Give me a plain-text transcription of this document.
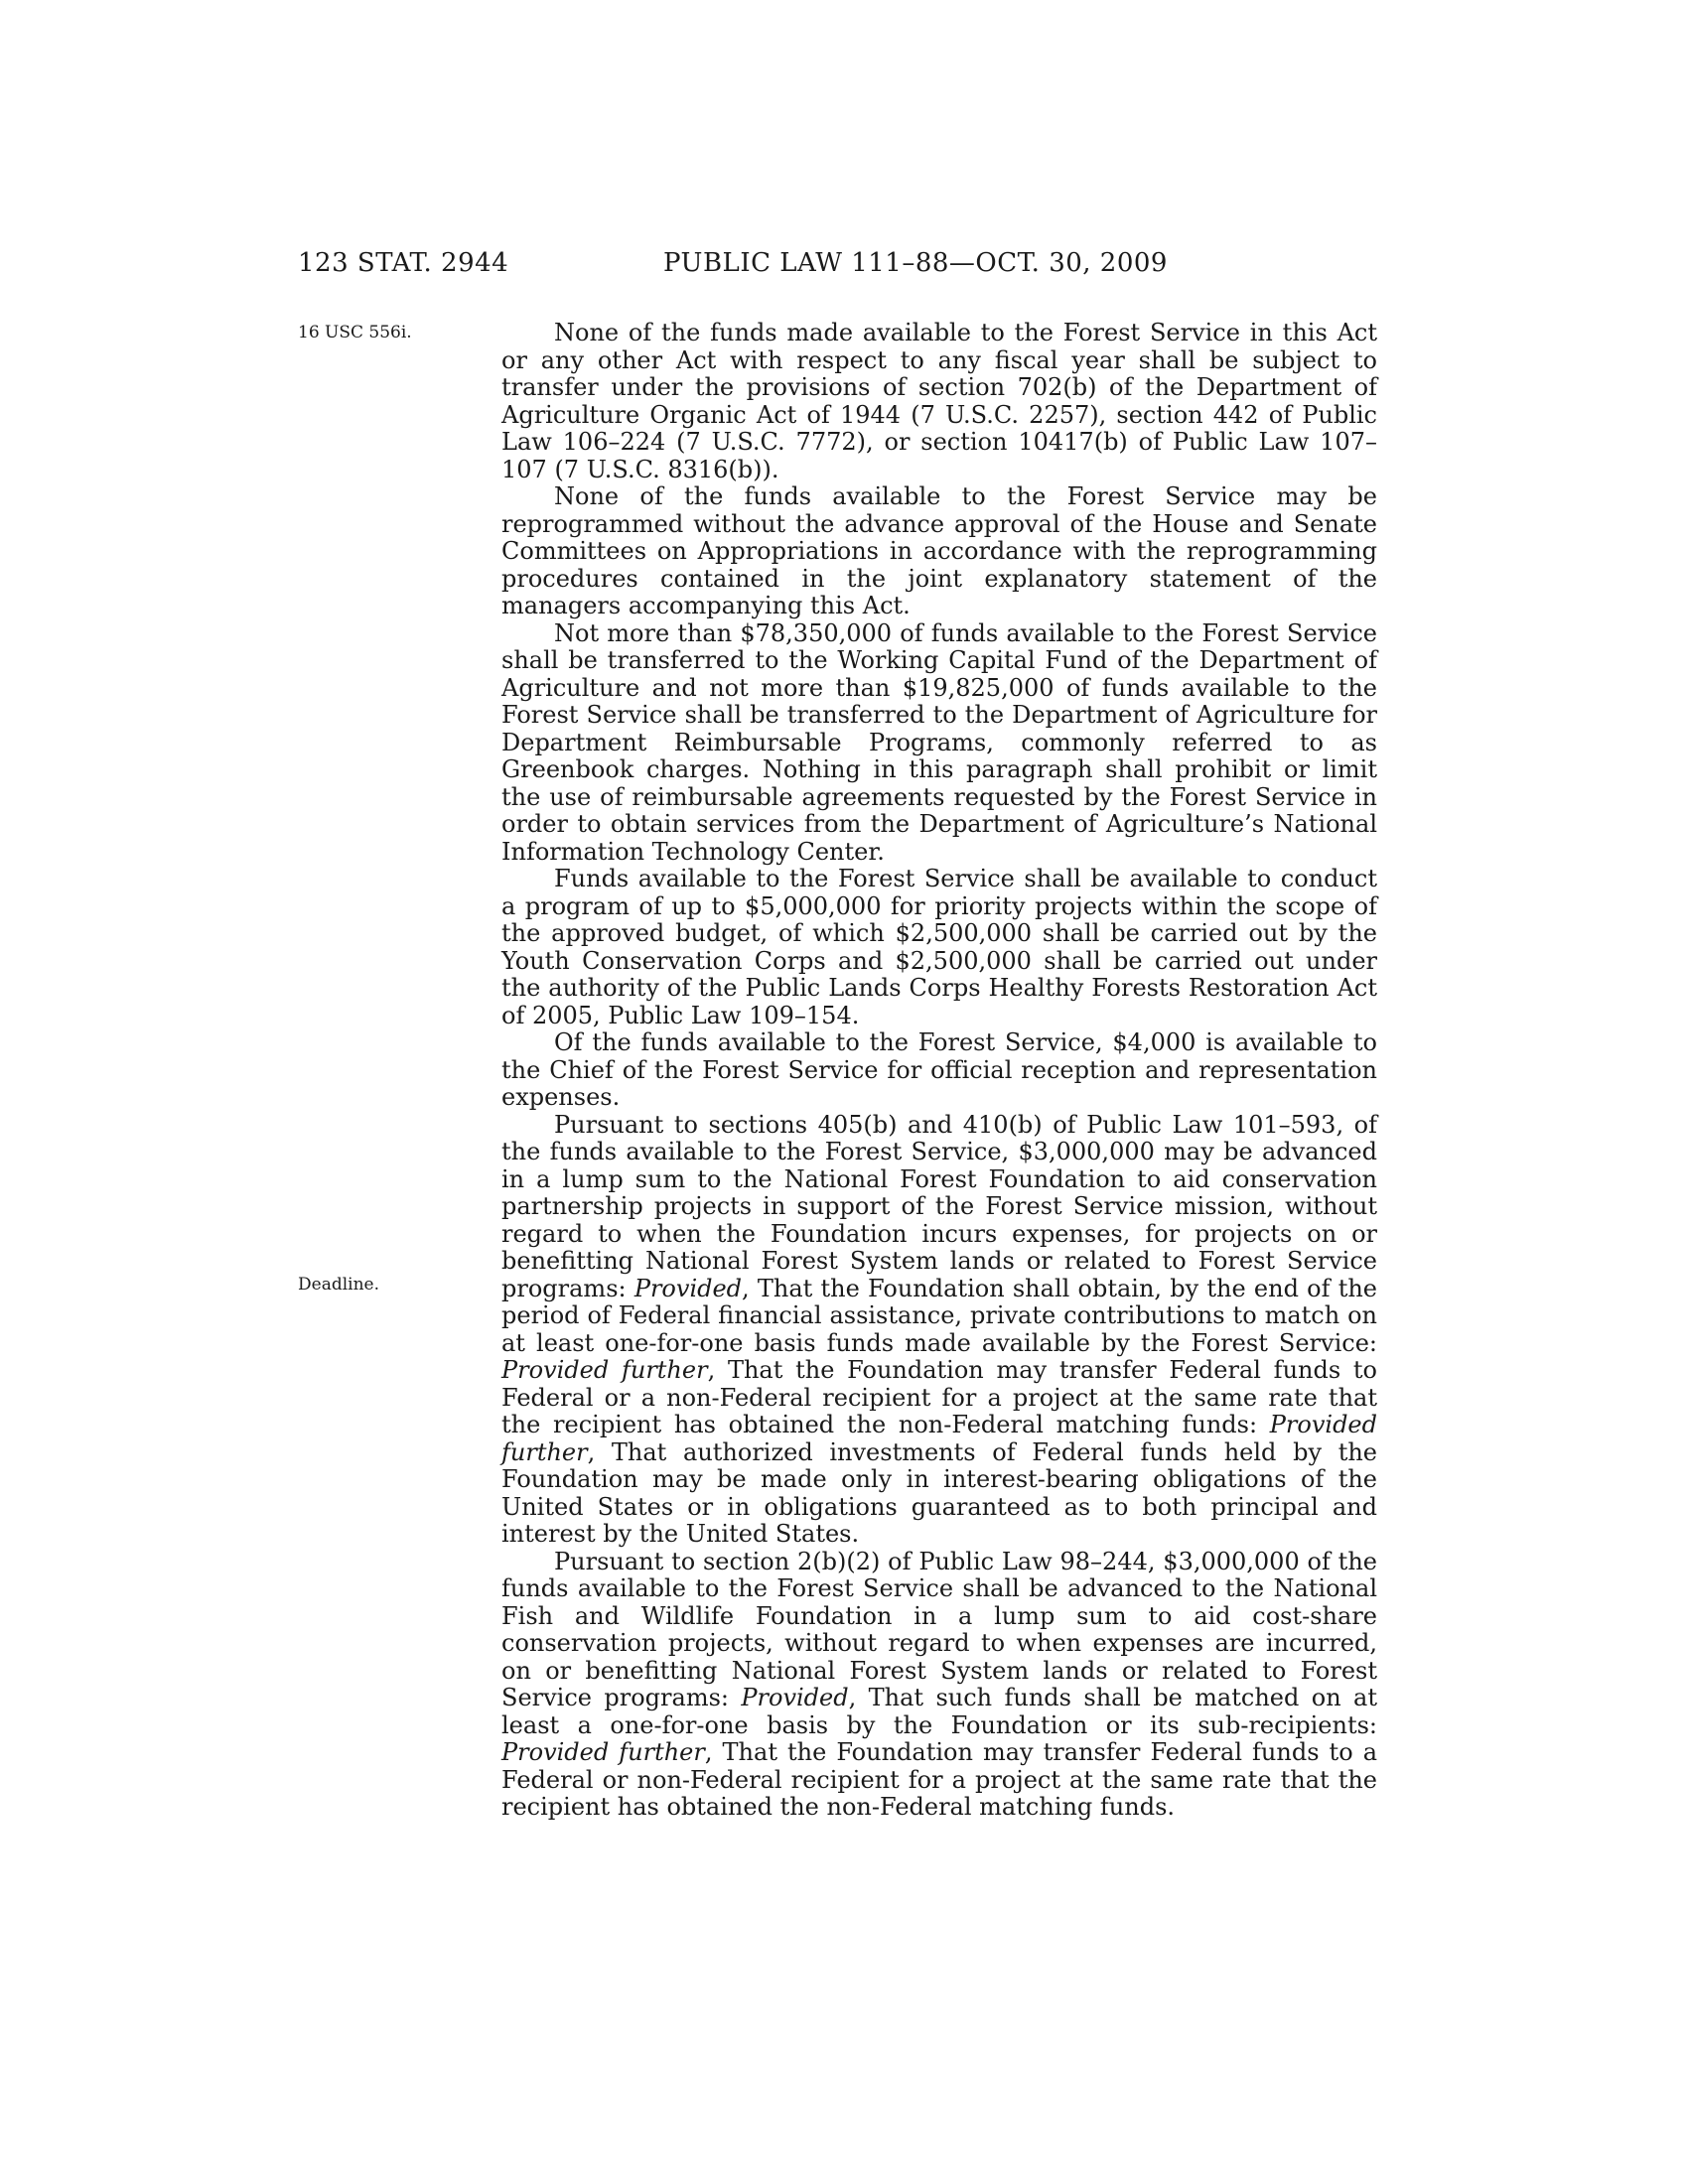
123 STAT. 2944	PUBLIC LAW 111–88—OCT. 30, 2009
16 USC 556i.
Deadline.

None of the funds made available to the Forest Service in this Act or any other Act with respect to any fiscal year shall be subject to transfer under the provisions of section 702(b) of the Department of Agriculture Organic Act of 1944 (7 U.S.C. 2257), section 442 of Public Law 106–224 (7 U.S.C. 7772), or section 10417(b) of Public Law 107–107 (7 U.S.C. 8316(b)).

None of the funds available to the Forest Service may be reprogrammed without the advance approval of the House and Senate Committees on Appropriations in accordance with the reprogramming procedures contained in the joint explanatory statement of the managers accompanying this Act.

Not more than $78,350,000 of funds available to the Forest Service shall be transferred to the Working Capital Fund of the Department of Agriculture and not more than $19,825,000 of funds available to the Forest Service shall be transferred to the Department of Agriculture for Department Reimbursable Programs, commonly referred to as Greenbook charges. Nothing in this paragraph shall prohibit or limit the use of reimbursable agreements requested by the Forest Service in order to obtain services from the Department of Agriculture’s National Information Technology Center.

Funds available to the Forest Service shall be available to conduct a program of up to $5,000,000 for priority projects within the scope of the approved budget, of which $2,500,000 shall be carried out by the Youth Conservation Corps and $2,500,000 shall be carried out under the authority of the Public Lands Corps Healthy Forests Restoration Act of 2005, Public Law 109–154.

Of the funds available to the Forest Service, $4,000 is available to the Chief of the Forest Service for official reception and representation expenses.

Pursuant to sections 405(b) and 410(b) of Public Law 101–593, of the funds available to the Forest Service, $3,000,000 may be advanced in a lump sum to the National Forest Foundation to aid conservation partnership projects in support of the Forest Service mission, without regard to when the Foundation incurs expenses, for projects on or benefitting National Forest System lands or related to Forest Service programs: Provided, That the Foundation shall obtain, by the end of the period of Federal financial assistance, private contributions to match on at least one-for-one basis funds made available by the Forest Service: Provided further, That the Foundation may transfer Federal funds to Federal or a non-Federal recipient for a project at the same rate that the recipient has obtained the non-Federal matching funds: Provided further, That authorized investments of Federal funds held by the Foundation may be made only in interest-bearing obligations of the United States or in obligations guaranteed as to both principal and interest by the United States.

Pursuant to section 2(b)(2) of Public Law 98–244, $3,000,000 of the funds available to the Forest Service shall be advanced to the National Fish and Wildlife Foundation in a lump sum to aid cost-share conservation projects, without regard to when expenses are incurred, on or benefitting National Forest System lands or related to Forest Service programs: Provided, That such funds shall be matched on at least a one-for-one basis by the Foundation or its sub-recipients: Provided further, That the Foundation may transfer Federal funds to a Federal or non-Federal recipient for a project at the same rate that the recipient has obtained the non-Federal matching funds.
